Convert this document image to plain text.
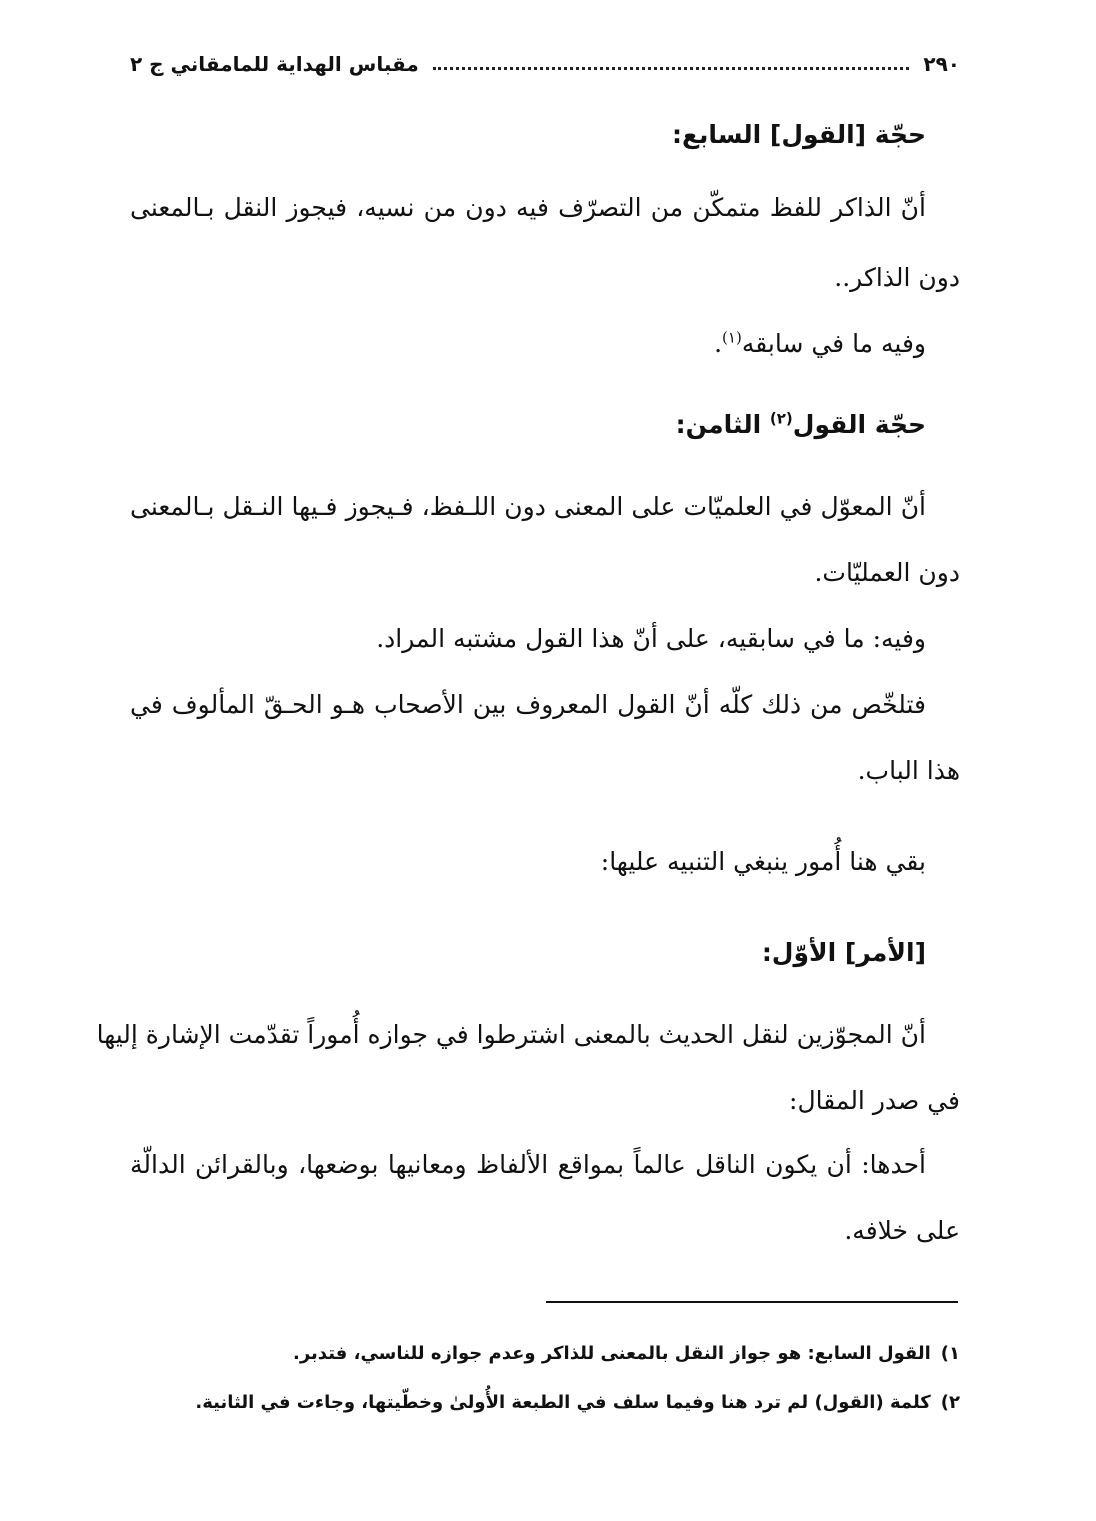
٢٩٠
مقباس الهداية للمامقاني ج ٢
حجّة [القول] السابع:
أنّ الذاكر للفظ متمكّن من التصرّف فيه دون من نسيه، فيجوز النقل بـالمعنى
دون الذاكر..
وفيه ما في سابقه$^{(١)}$.
حجّة القول$^{(٢)}$ الثامن:
أنّ المعوّل في العلميّات على المعنى دون اللـفظ، فـيجوز فـيها النـقل بـالمعنى
دون العمليّات.
وفيه: ما في سابقيه، على أنّ هذا القول مشتبه المراد.
فتلخّص من ذلك كلّه أنّ القول المعروف بين الأصحاب هـو الحـقّ المألوف في
هذا الباب.
بقي هنا أُمور ينبغي التنبيه عليها:
[الأمر] الأوّل:
أنّ المجوّزين لنقل الحديث بالمعنى اشترطوا في جوازه أُموراً تقدّمت الإشارة إليها
في صدر المقال:
أحدها: أن يكون الناقل عالماً بمواقع الألفاظ ومعانيها بوضعها، وبالقرائن الدالّة
على خلافه.
١)القول السابع: هو جواز النقل بالمعنى للذاكر وعدم جوازه للناسي، فتدبر.
٢)كلمة (القول) لم ترد هنا وفيما سلف في الطبعة الأُولىٰ وخطّيتها، وجاءت في الثانية.
